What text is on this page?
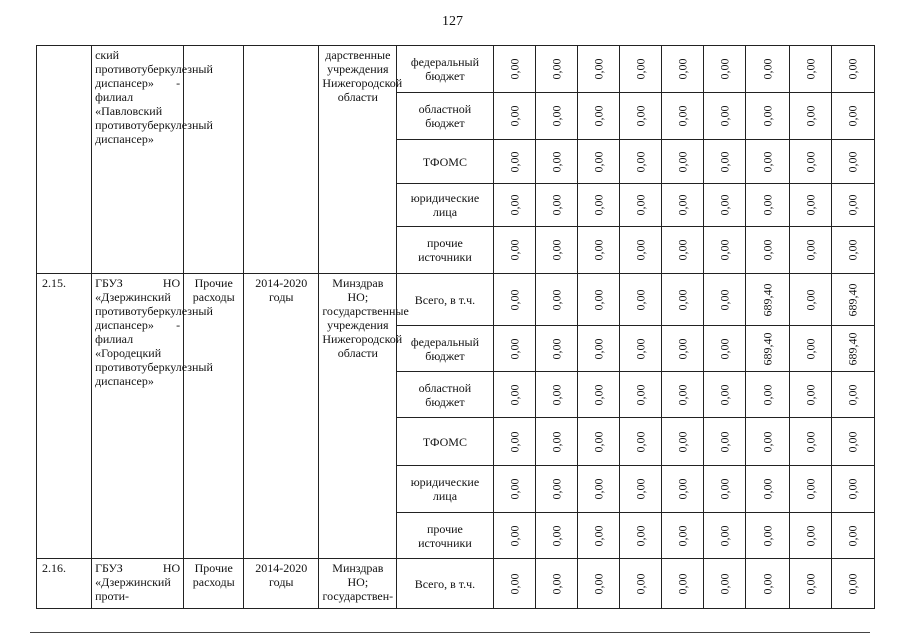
127
	ский противотуберкулезный диспансер» - филиал «Павловский противотуберкулезный диспансер»			дарственные учреждения Нижегородской области	федеральный бюджет	0,00	0,00	0,00	0,00	0,00	0,00	0,00	0,00	0,00
					областной бюджет	0,00	0,00	0,00	0,00	0,00	0,00	0,00	0,00	0,00
					ТФОМС	0,00	0,00	0,00	0,00	0,00	0,00	0,00	0,00	0,00
					юридические лица	0,00	0,00	0,00	0,00	0,00	0,00	0,00	0,00	0,00
					прочие источники	0,00	0,00	0,00	0,00	0,00	0,00	0,00	0,00	0,00
2.15.	ГБУЗ НО «Дзержинский противотуберкулезный диспансер» - филиал «Городецкий противотуберкулезный диспансер»	Прочие расходы	2014-2020 годы	Минздрав НО; государственные учреждения Нижегородской области	Всего, в т.ч.	0,00	0,00	0,00	0,00	0,00	0,00	689,40	0,00	689,40
					федеральный бюджет	0,00	0,00	0,00	0,00	0,00	0,00	689,40	0,00	689,40
					областной бюджет	0,00	0,00	0,00	0,00	0,00	0,00	0,00	0,00	0,00
					ТФОМС	0,00	0,00	0,00	0,00	0,00	0,00	0,00	0,00	0,00
					юридические лица	0,00	0,00	0,00	0,00	0,00	0,00	0,00	0,00	0,00
					прочие источники	0,00	0,00	0,00	0,00	0,00	0,00	0,00	0,00	0,00
2.16.	ГБУЗ НО «Дзержинский проти-	Прочие расходы	2014-2020 годы	Минздрав НО; государствен-	Всего, в т.ч.	0,00	0,00	0,00	0,00	0,00	0,00	0,00	0,00	0,00
